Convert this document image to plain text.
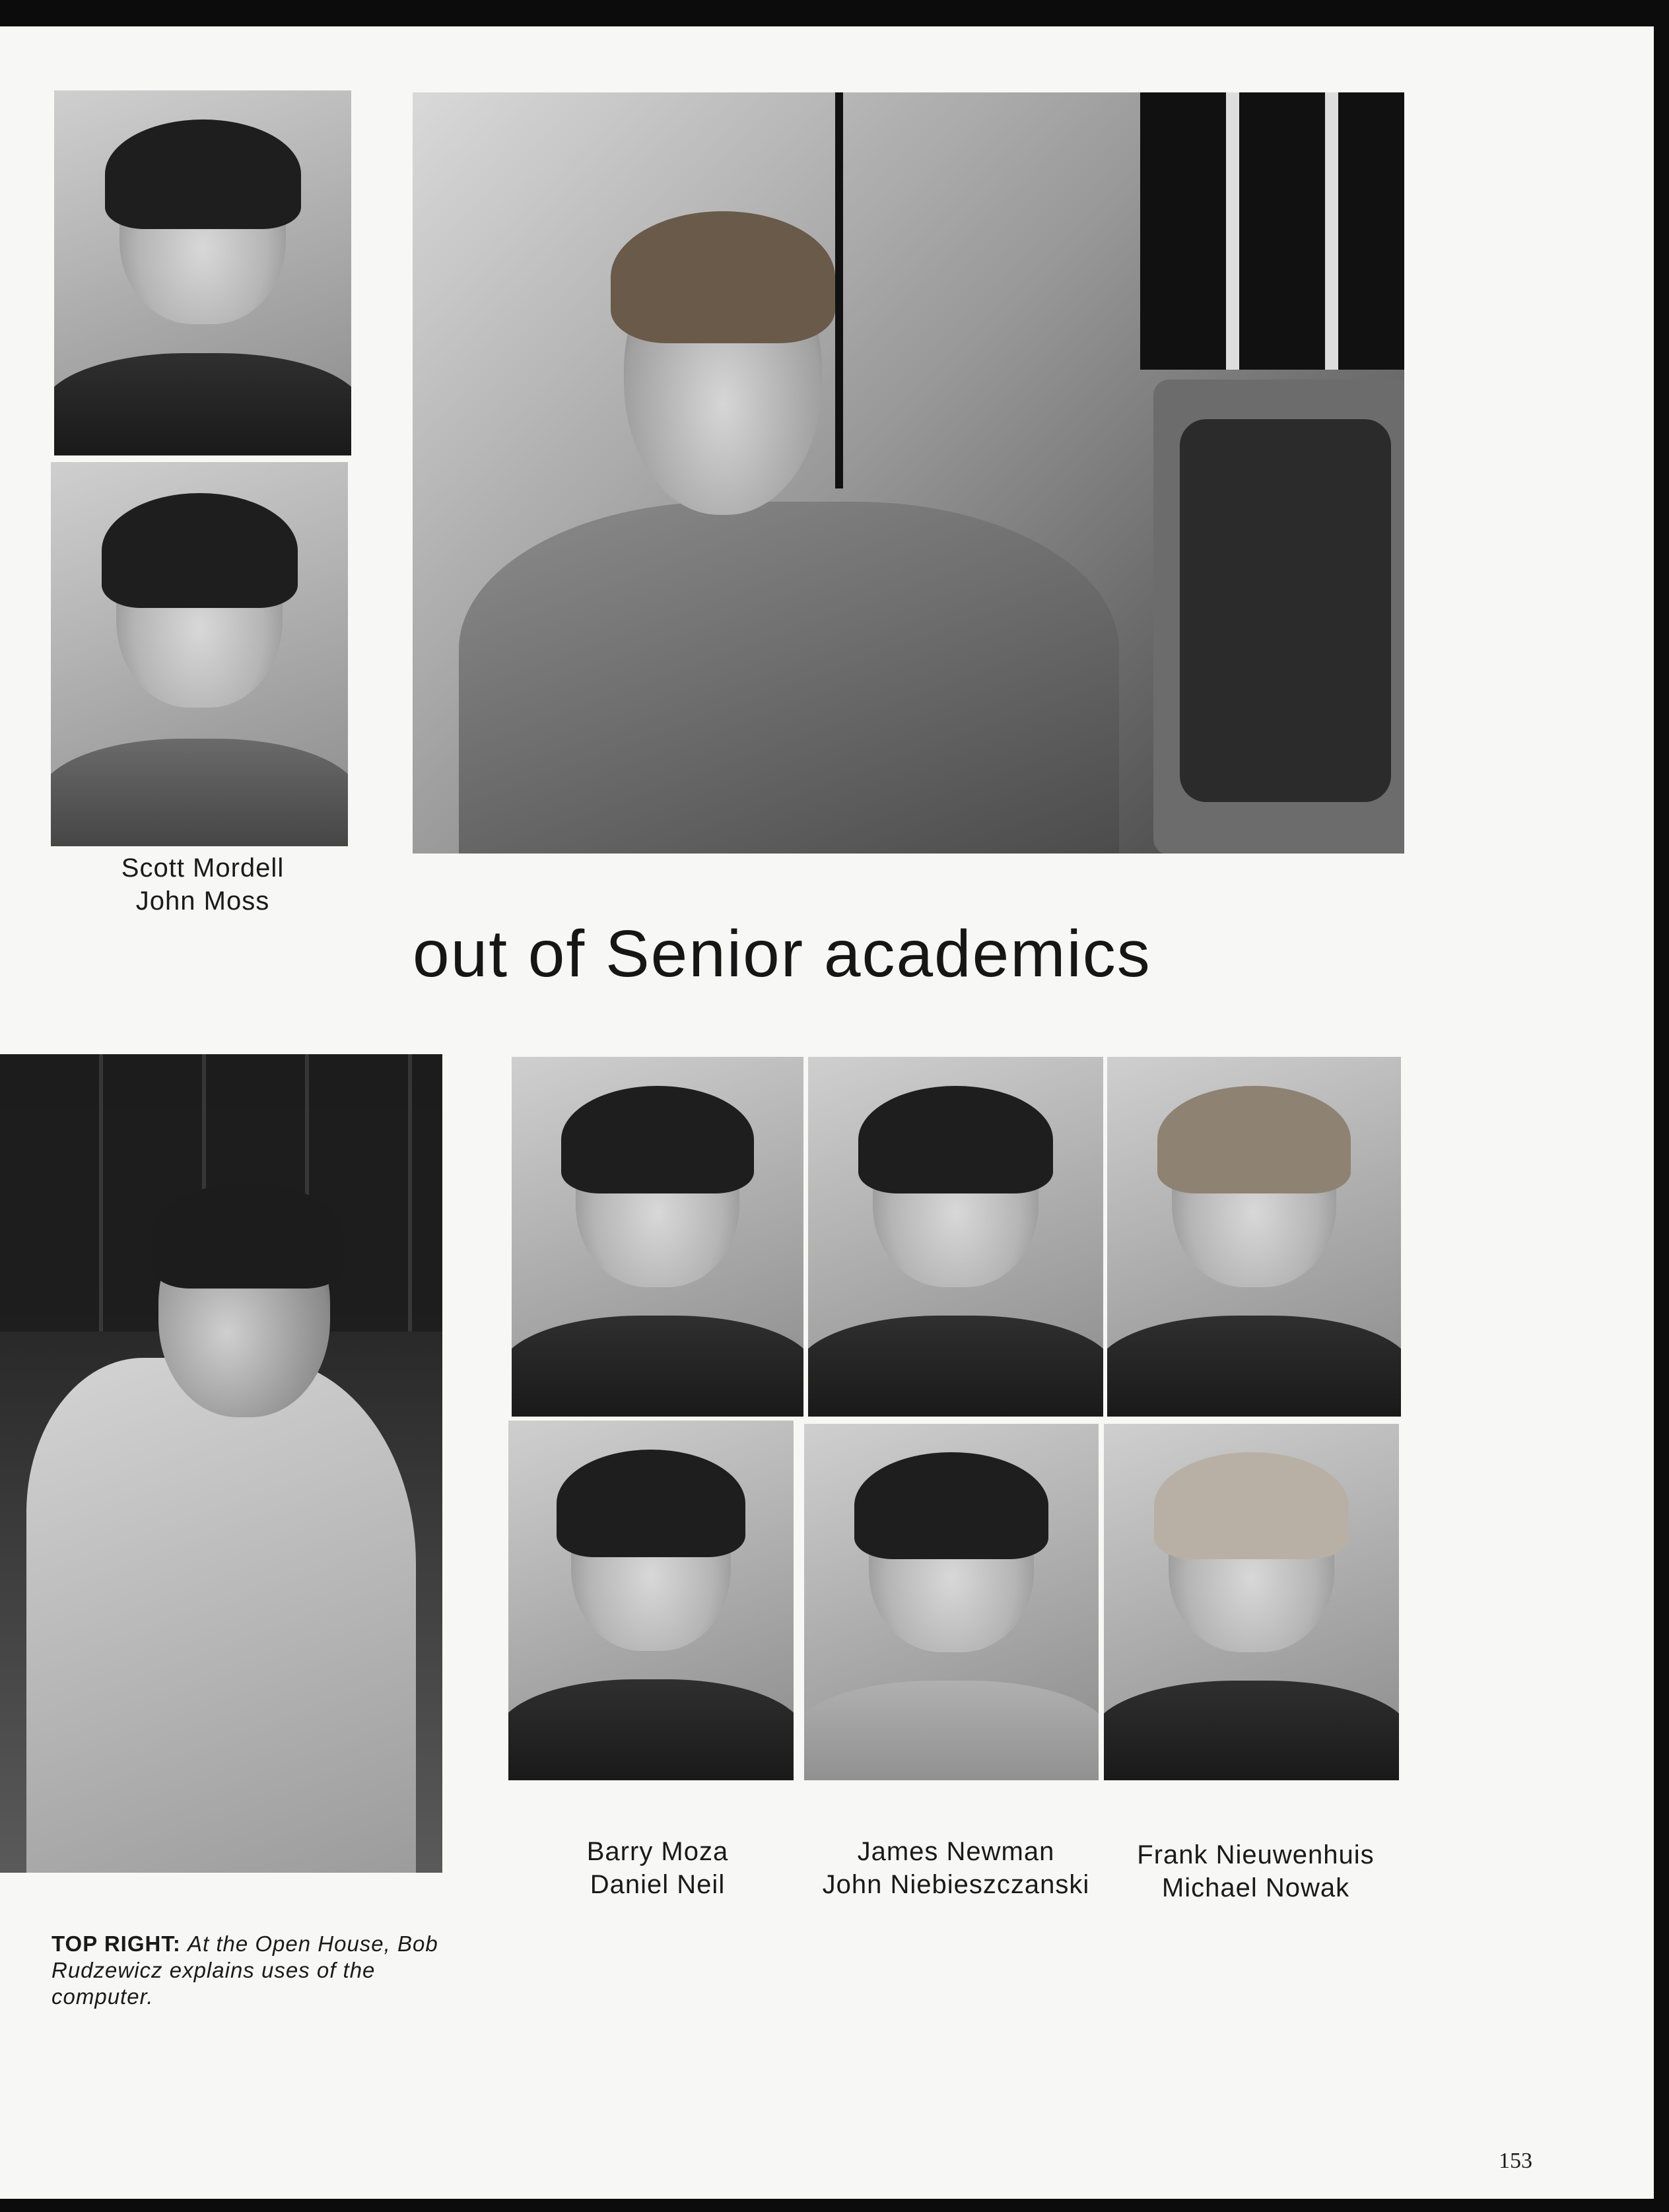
Scott Mordell
John Moss
out of Senior academics
Barry Moza
Daniel Neil
James Newman
John Niebieszczanski
Frank Nieuwenhuis
Michael Nowak
TOP RIGHT: At the Open House, Bob Rudzewicz explains uses of the computer.
153
